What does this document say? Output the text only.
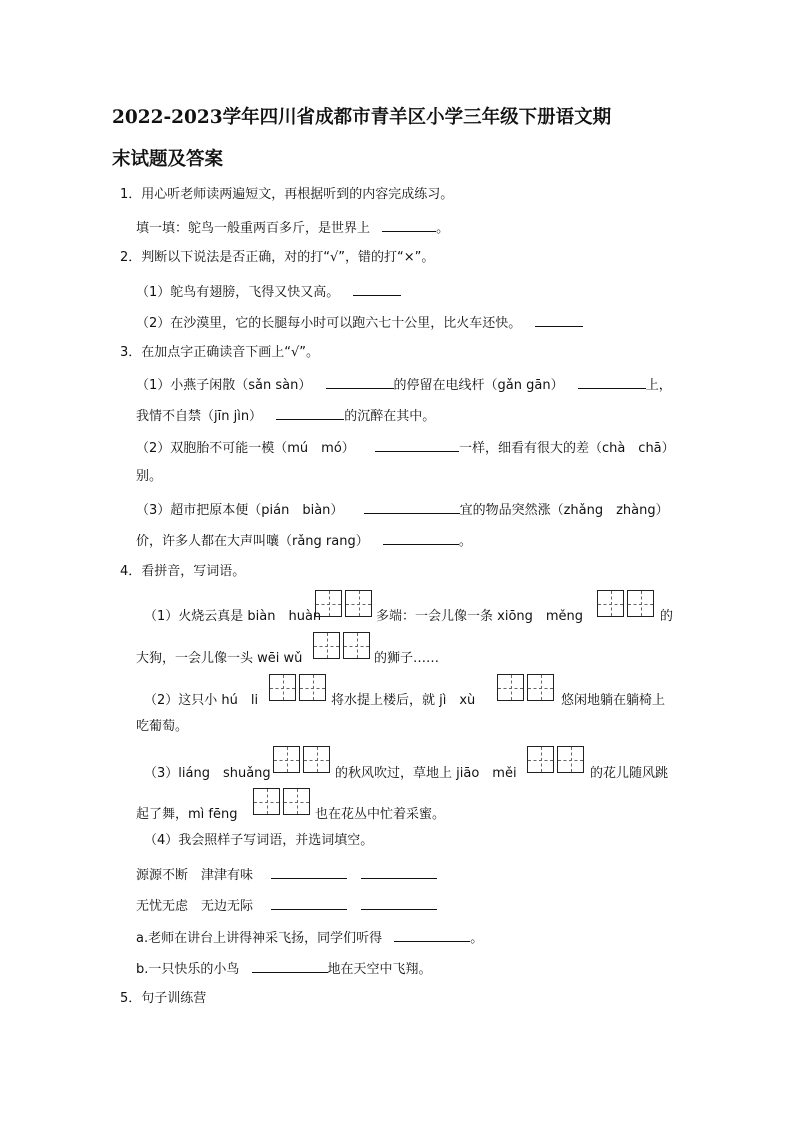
2022-2023学年四川省成都市青羊区小学三年级下册语文期
末试题及答案
1．用心听老师读两遍短文，再根据听到的内容完成练习。
填一填：鸵鸟一般重两百多斤，是世界上	。
2．判断以下说法是否正确，对的打“√”，错的打“×”。
（1）鸵鸟有翅膀，飞得又快又高。
（2）在沙漠里，它的长腿每小时可以跑六七十公里，比火车还快。
3．在加点字正确读音下画上“√”。
（1）小燕子闲散（sǎn sàn）	的停留在电线杆（gǎn gān）	上，
我情不自禁（jīn jìn）	的沉醉在其中。
（2）双胞胎不可能一模（mú　mó）	一样，细看有很大的差（chà　chā）
别。
（3）超市把原本便（pián　biàn）	宜的物品突然涨（zhǎng　zhàng）
价，许多人都在大声叫嚷（rǎng rang）	。
4．看拼音，写词语。
（1）火烧云真是 biàn　huàn	多端：一会儿像一条 xiōng　měng	的
大狗，一会儿像一头 wēi wǔ	的狮子……
（2）这只小 hú　li	将水提上楼后，就 jì　xù	悠闲地躺在躺椅上
吃葡萄。
（3）liáng　shuǎng	的秋风吹过，草地上 jiāo　měi	的花儿随风跳
起了舞，mì fēng	也在花丛中忙着采蜜。
（4）我会照样子写词语，并选词填空。
源源不断　津津有味
无忧无虑　无边无际
a.老师在讲台上讲得神采飞扬，同学们听得	。
b.一只快乐的小鸟	地在天空中飞翔。
5．句子训练营
